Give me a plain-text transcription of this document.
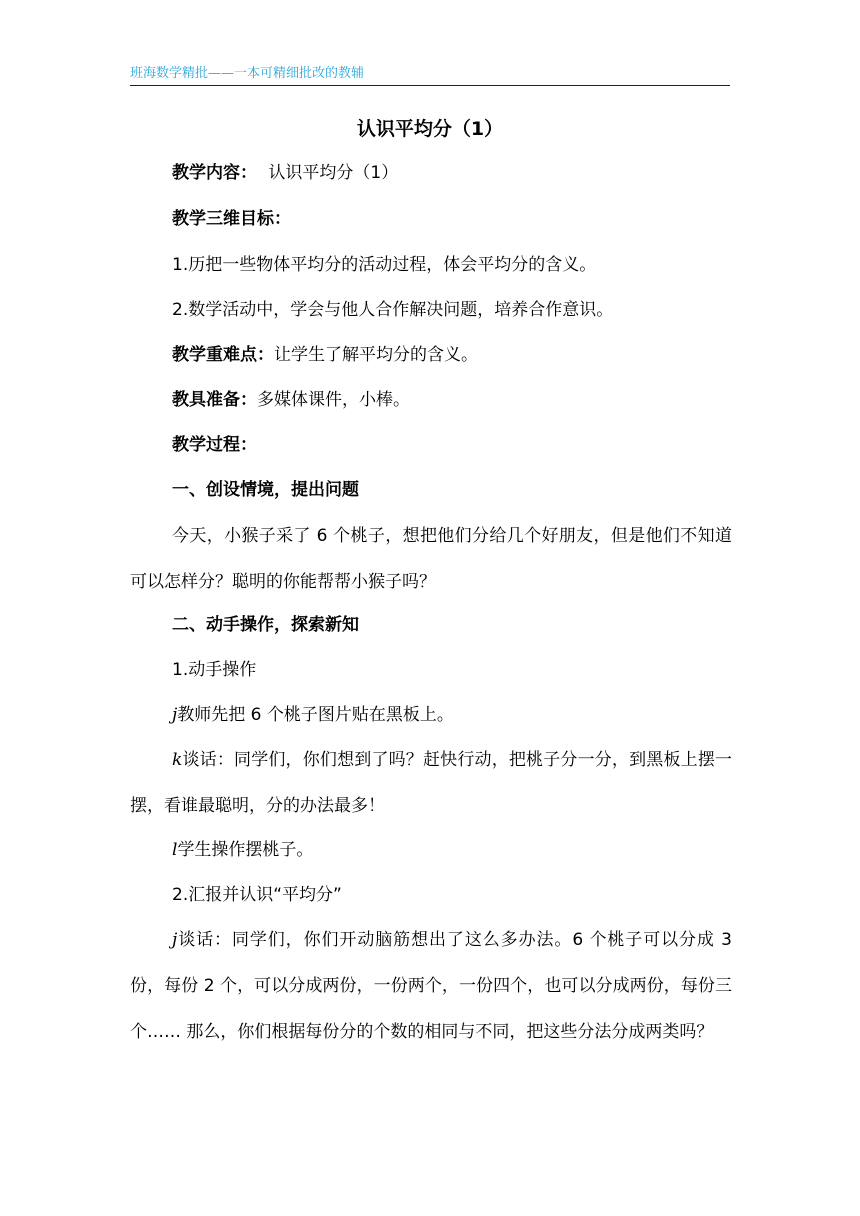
班海数学精批——一本可精细批改的教辅
认识平均分（1）
教学内容： 认识平均分（1）
教学三维目标：
1.历把一些物体平均分的活动过程，体会平均分的含义。
2.数学活动中，学会与他人合作解决问题，培养合作意识。
教学重难点：让学生了解平均分的含义。
教具准备：多媒体课件，小棒。
教学过程：
一、创设情境，提出问题
今天，小猴子采了 6 个桃子，想把他们分给几个好朋友，但是他们不知道可以怎样分？聪明的你能帮帮小猴子吗？
二、动手操作，探索新知
1.动手操作
j教师先把 6 个桃子图片贴在黑板上。
k谈话：同学们，你们想到了吗？赶快行动，把桃子分一分，到黑板上摆一摆，看谁最聪明，分的办法最多！
l学生操作摆桃子。
2.汇报并认识“平均分”
j谈话：同学们，你们开动脑筋想出了这么多办法。6 个桃子可以分成 3 份，每份 2 个，可以分成两份，一份两个，一份四个，也可以分成两份，每份三个…… 那么，你们根据每份分的个数的相同与不同，把这些分法分成两类吗？
